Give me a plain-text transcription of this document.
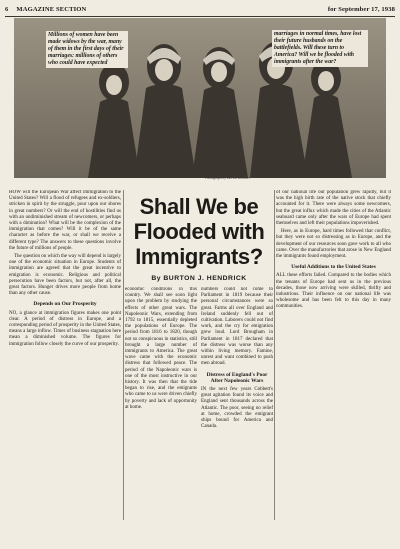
6 MAGAZINE SECTION	for September 17, 1938
Millions of women have been made widows by the war, many of them in the first days of their marriages: millions of others who could have expected
marriages in normal times, have lost their future husbands on the battlefields. Will these turn to America? Will we be flooded with immigrants after the war?
Photograph by Brown Brothers

HOW will the European War affect immigration to the United States? Will a flood of refugees and ex-soldiers, stricken in spirit by the struggle, pour upon our shores in great numbers? Or will the end of hostilities find us with an undiminished stream of newcomers, or perhaps with a diminution? What will be the complexion of the immigration that comes? Will it be of the same character as before the war, or shall we receive a different type? The answers to these questions involve the future of millions of people.

The question on which the way will depend is largely one of the economic situation in Europe. Students of immigration are agreed that the great incentive to emigration is economic. Religious and political persecution have been factors, but not, after all, the great factors. Hunger drives more people from home than any other cause.

Depends on Our Prosperity

NO, a glance at immigration figures makes one point clear. A period of distress in Europe, and a corresponding period of prosperity in the United States, means a large inflow. Times of business stagnation here mean a diminished volume. The figures for immigration follow closely the curve of our prosperity.

Shall We be Flooded with Immigrants?
By BURTON J. HENDRICK

economic conditions in this country. We shall see soon light upon the problem by studying the effects of other great wars. The Napoleonic Wars, extending from 1792 to 1815, essentially depleted the populations of Europe. The period from 1816 to 1820, though not so conspicuous in statistics, still brought a large number of immigrants to America. The great wave came with the economic distress that followed peace. The period of the Napoleonic wars is one of the most instructive in our history. It was then that the tide began to rise, and the emigrants who came to us were driven chiefly by poverty and lack of opportunity at home.

numbers could not come to Parliament in 1819 because their personal circumstances were so great. Farms all over England and Ireland suddenly fell out of cultivation. Laborers could not find work, and the cry for emigration grew loud. Lord Brougham in Parliament in 1817 declared that the distress was worse than any within living memory. Famine, unrest and want combined to push men abroad.

Distress of England's Poor After Napoleonic Wars

IN the next few years Cobbett's great agitation found its voice and England sent thousands across the Atlantic. The poor, seeing no relief at home, crowded the emigrant ships bound for America and Canada.

of our national life our population grew rapidly, but it was the high birth rate of the native stock that chiefly accounted for it. There were always some newcomers, but the great influx which made the cities of the Atlantic seaboard came only after the wars of Europe had spent themselves and left their populations impoverished.

Here, as in Europe, hard times followed that conflict, but they were not so distressing as in Europe, and the development of our resources soon gave work to all who came. Over the manufactories that arose in New England the immigrants found employment.

Useful Additions to the United States

ALL these efforts failed. Compared to the bodies which the tenants of Europe had sent us in the previous decades, those now arriving were skilled, thrifty and industrious. Their influence on our national life was wholesome and has been felt to this day in many communities.
